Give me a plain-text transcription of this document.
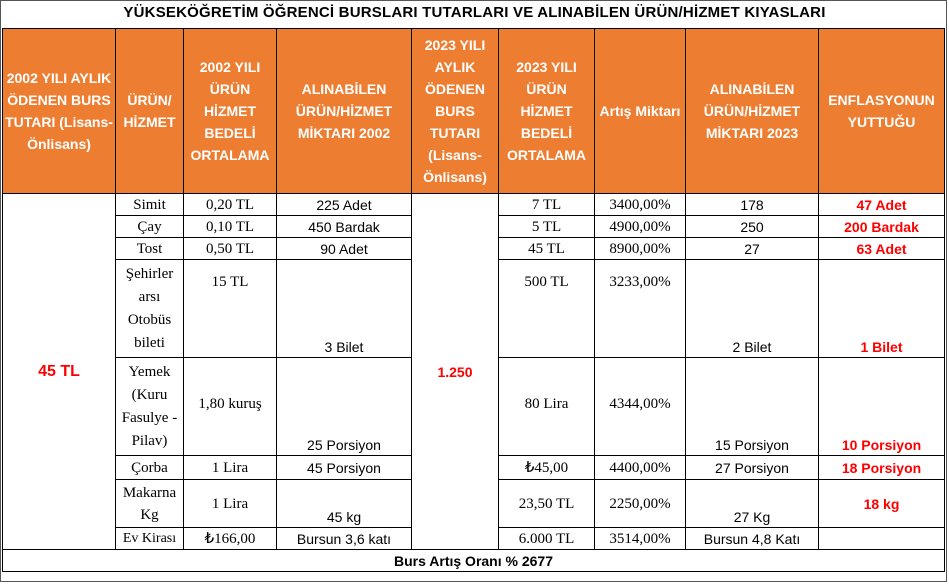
YÜKSEKÖĞRETİM ÖĞRENCİ BURSLARI TUTARLARI VE ALINABİLEN ÜRÜN/HİZMET KIYASLARI
2002 YILI AYLIK ÖDENEN BURS TUTARI (Lisans-Önlisans)	ÜRÜN/ HİZMET	2002 YILI ÜRÜN HİZMET BEDELİ ORTALAMA	ALINABİLEN ÜRÜN/HİZMET MİKTARI 2002	2023 YILI AYLIK ÖDENEN BURS TUTARI (Lisans-Önlisans)	2023 YILI ÜRÜN HİZMET BEDELİ ORTALAMA	Artış Miktarı	ALINABİLEN ÜRÜN/HİZMET MİKTARI 2023	ENFLASYONUN YUTTUĞU
45 TL	Simit	0,20 TL	225 Adet	1.250	7 TL	3400,00%	178	47 Adet
	Çay	0,10 TL	450 Bardak		5 TL	4900,00%	250	200 Bardak
	Tost	0,50 TL	90 Adet		45 TL	8900,00%	27	63 Adet
	Şehirler arsı Otobüs bileti	15 TL	3 Bilet		500 TL	3233,00%	2 Bilet	1 Bilet
	Yemek (Kuru Fasulye - Pilav)	1,80 kuruş	25 Porsiyon		80 Lira	4344,00%	15 Porsiyon	10 Porsiyon
	Çorba	1 Lira	45 Porsiyon		₺45,00	4400,00%	27 Porsiyon	18 Porsiyon
	Makarna Kg	1 Lira	45 kg		23,50 TL	2250,00%	27 Kg	18 kg
	Ev Kirası	₺166,00	Bursun 3,6 katı		6.000 TL	3514,00%	Bursun 4,8 Katı	
Burs Artış Oranı % 2677								
